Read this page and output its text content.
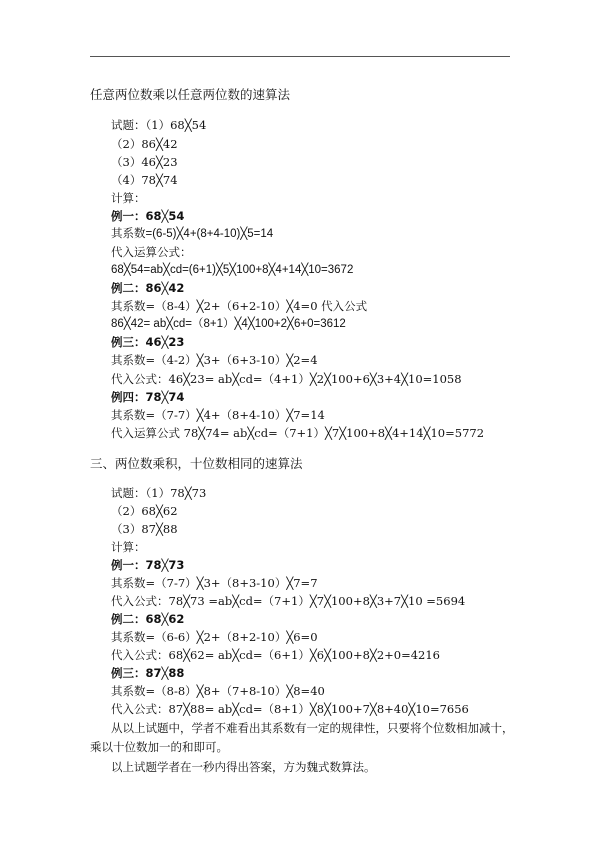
任意两位数乘以任意两位数的速算法
试题：（1）68╳54
（2）86╳42
（3）46╳23
（4）78╳74
计算：
例一：68╳54
其系数=(6-5)╳4+(8+4-10)╳5=14
代入运算公式：
68╳54=ab╳cd=(6+1)╳5╳100+8╳4+14╳10=3672
例二：86╳42
其系数=（8-4）╳2+（6+2-10）╳4=0 代入公式
86╳42= ab╳cd=（8+1）╳4╳100+2╳6+0=3612
例三：46╳23
其系数=（4-2）╳3+（6+3-10）╳2=4
代入公式：46╳23= ab╳cd=（4+1）╳2╳100+6╳3+4╳10=1058
例四：78╳74
其系数=（7-7）╳4+（8+4-10）╳7=14
代入运算公式 78╳74= ab╳cd=（7+1）╳7╳100+8╳4+14╳10=5772
三、两位数乘积，十位数相同的速算法
试题：（1）78╳73
（2）68╳62
（3）87╳88
计算：
例一：78╳73
其系数=（7-7）╳3+（8+3-10）╳7=7
代入公式：78╳73 =ab╳cd=（7+1）╳7╳100+8╳3+7╳10 =5694
例二：68╳62
其系数=（6-6）╳2+（8+2-10）╳6=0
代入公式：68╳62= ab╳cd=（6+1）╳6╳100+8╳2+0=4216
例三：87╳88
其系数=（8-8）╳8+（7+8-10）╳8=40
代入公式：87╳88= ab╳cd=（8+1）╳8╳100+7╳8+40╳10=7656
从以上试题中，学者不难看出其系数有一定的规律性，只要将个位数相加减十，
乘以十位数加一的和即可。
以上试题学者在一秒内得出答案，方为魏式数算法。
